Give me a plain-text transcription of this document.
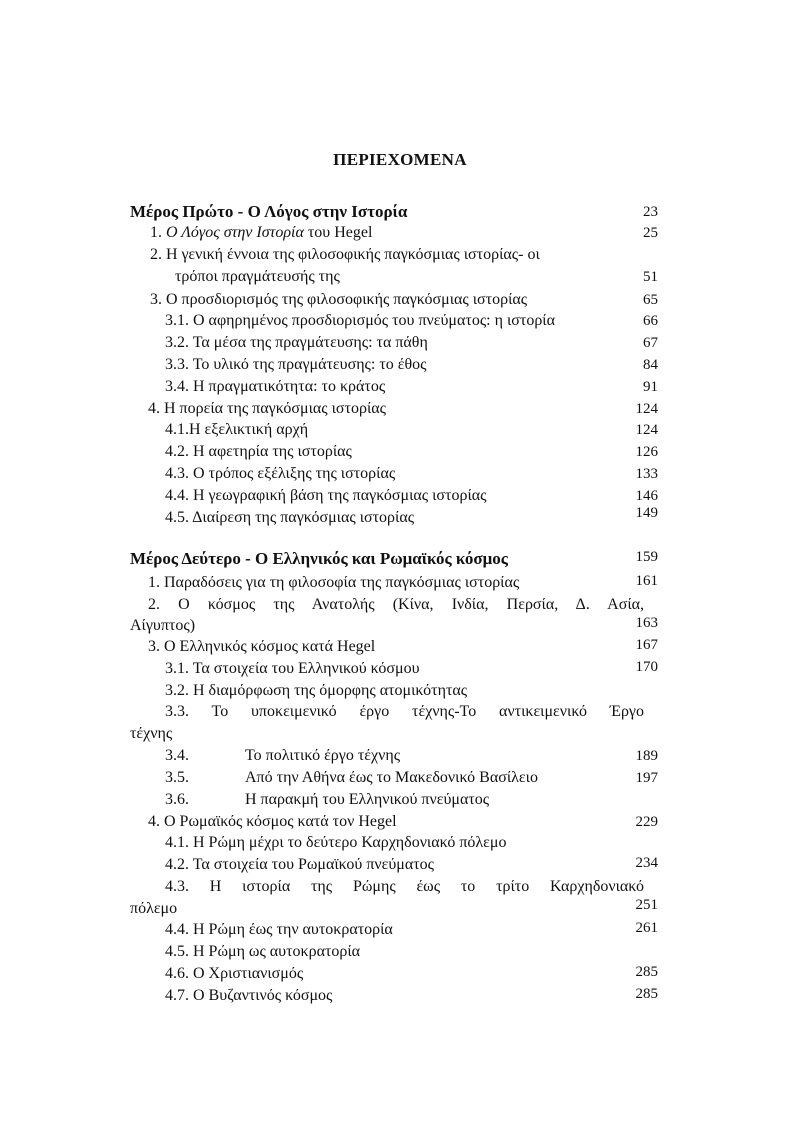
ΠΕΡΙΕΧΟΜΕΝΑ
Μέρος Πρώτο - Ο Λόγος στην Ιστορία	23
1. Ο Λόγος στην Ιστορία του Hegel	25
2. Η γενική έννοια της φιλοσοφικής παγκόσμιας ιστορίας- οι
τρόποι πραγμάτευσής της	51
3. Ο προσδιορισμός της φιλοσοφικής παγκόσμιας ιστορίας	65
3.1. Ο αφηρημένος προσδιορισμός του πνεύματος: η ιστορία	66
3.2. Τα μέσα της πραγμάτευσης: τα πάθη	67
3.3. Το υλικό της πραγμάτευσης: το έθος	84
3.4. Η πραγματικότητα: το κράτος	91
4. Η πορεία της παγκόσμιας ιστορίας	124
4.1.Η εξελικτική αρχή	124
4.2. Η αφετηρία της ιστορίας	126
4.3. Ο τρόπος εξέλιξης της ιστορίας	133
4.4. Η γεωγραφική βάση της παγκόσμιας ιστορίας	146
4.5. Διαίρεση της παγκόσμιας ιστορίας	149
Μέρος Δεύτερο - Ο Ελληνικός και Ρωμαϊκός κόσμος	159
1. Παραδόσεις για τη φιλοσοφία της παγκόσμιας ιστορίας	161
2. Ο κόσμος της Ανατολής (Κίνα, Ινδία, Περσία, Δ. Ασία,
Αίγυπτος)	163
3. Ο Ελληνικός κόσμος κατά Hegel	167
3.1. Τα στοιχεία του Ελληνικού κόσμου	170
3.2. Η διαμόρφωση της όμορφης ατομικότητας
3.3. Το υποκειμενικό έργο τέχνης-Το αντικειμενικό Έργο
τέχνης
3.4.	Το πολιτικό έργο τέχνης	189
3.5.	Από την Αθήνα έως το Μακεδονικό Βασίλειο	197
3.6.	Η παρακμή του Ελληνικού πνεύματος
4. Ο Ρωμαϊκός κόσμος κατά τον Hegel	229
4.1. Η Ρώμη μέχρι το δεύτερο Καρχηδονιακό πόλεμο
4.2. Τα στοιχεία του Ρωμαϊκού πνεύματος	234
4.3. Η ιστορία της Ρώμης έως το τρίτο Καρχηδονιακό
πόλεμο	251
4.4. Η Ρώμη έως την αυτοκρατορία	261
4.5. Η Ρώμη ως αυτοκρατορία
4.6. Ο Χριστιανισμός	285
4.7. Ο Βυζαντινός κόσμος	285
